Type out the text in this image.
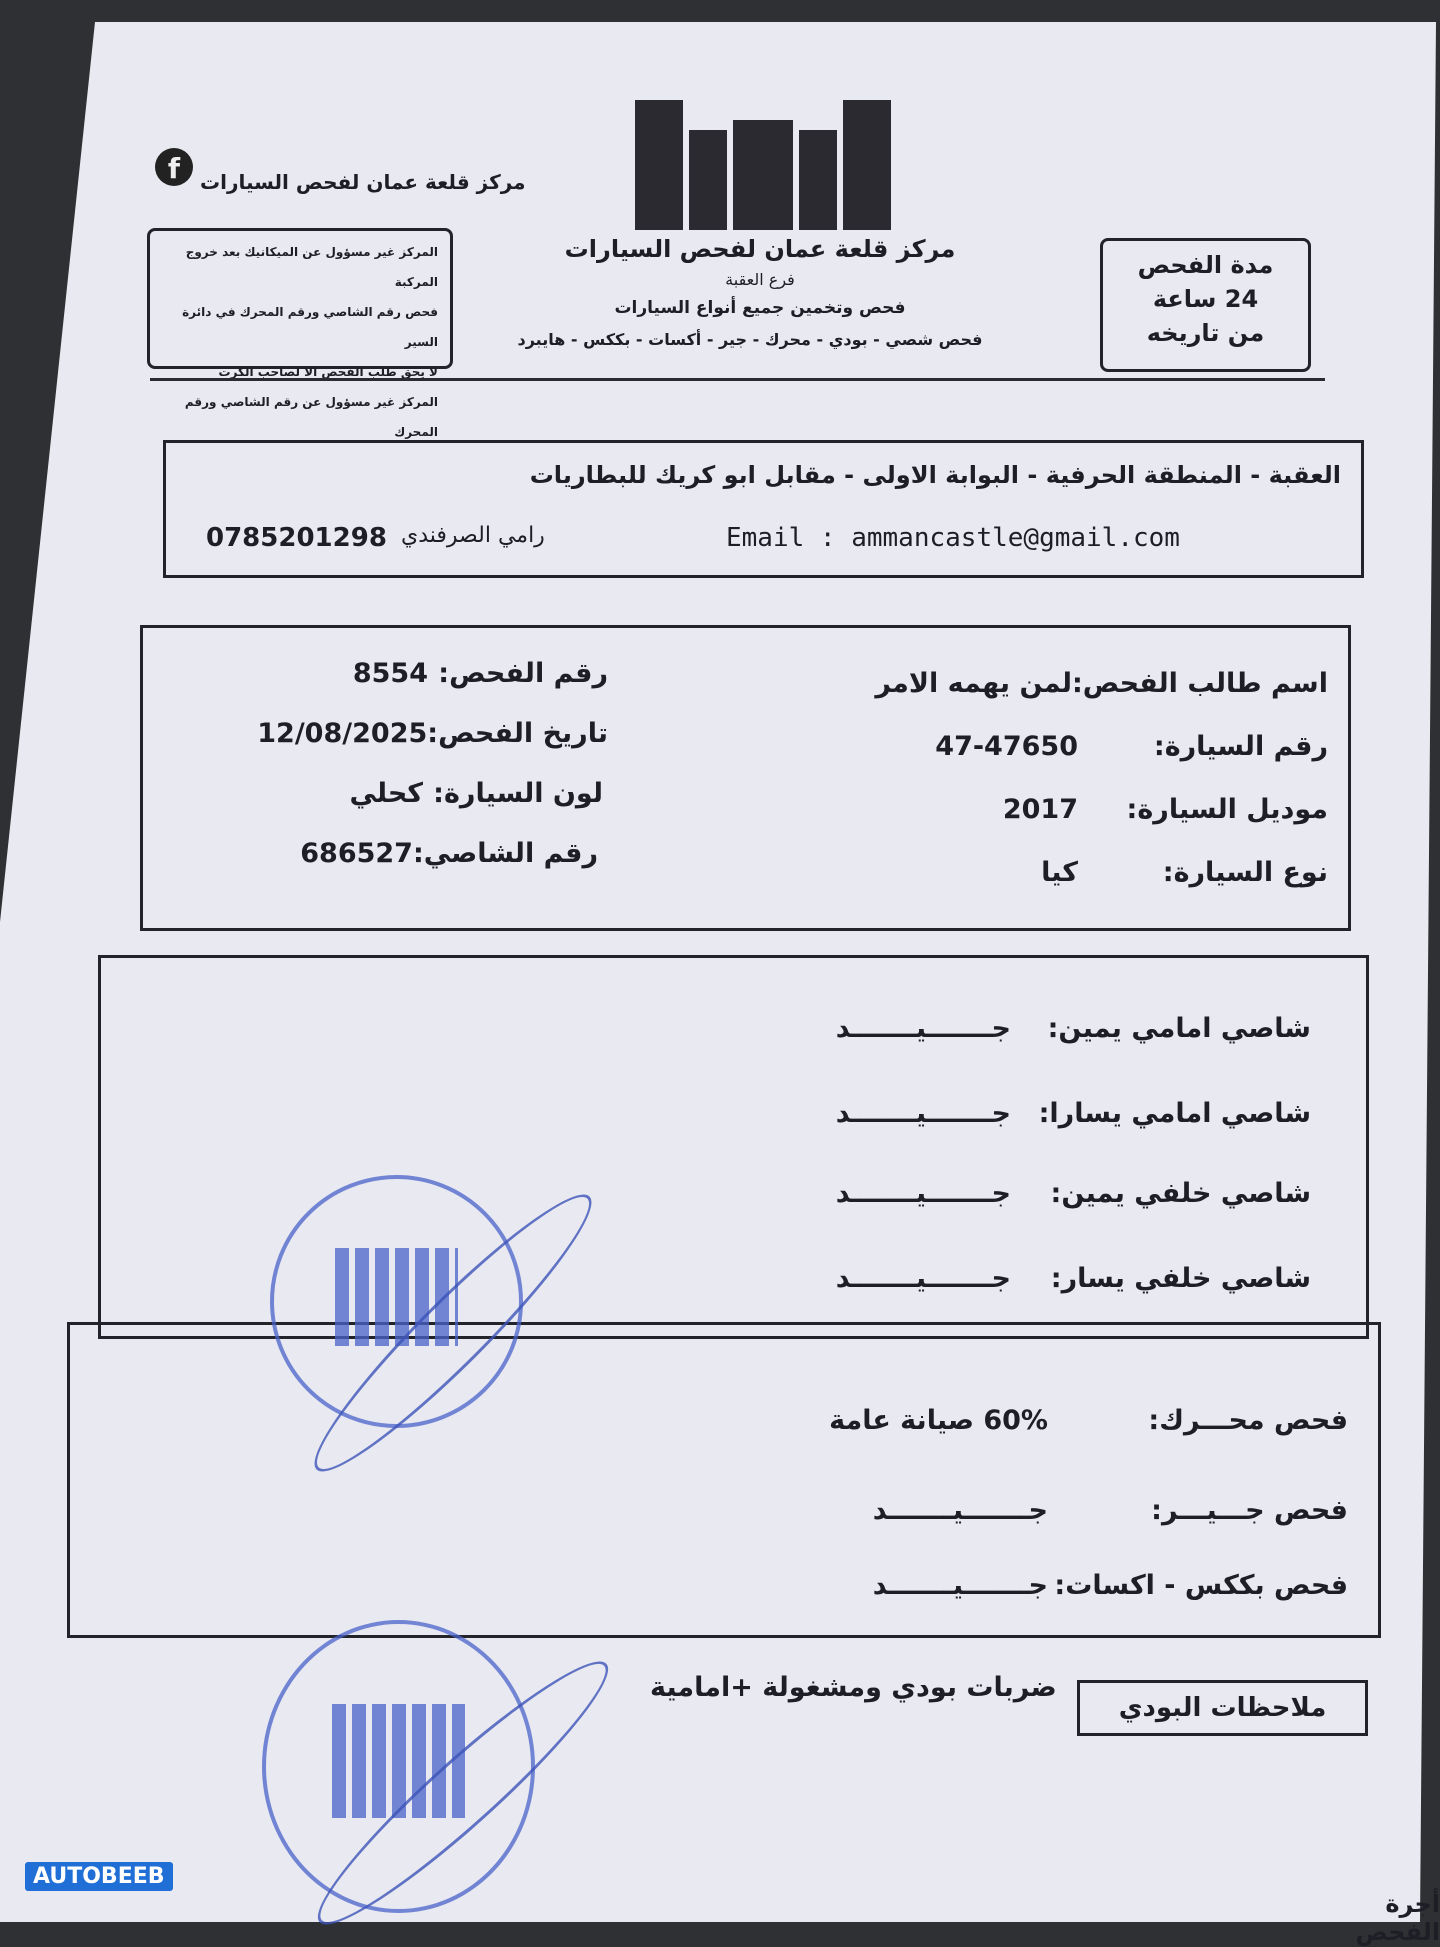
f مركز قلعة عمان لفحص السيارات
مركز قلعة عمان لفحص السيارات
فرع العقبة
فحص وتخمين جميع أنواع السيارات
فحص شصي - بودي - محرك - جير - أكسات - بككس - هايبرد
المركز غير مسؤول عن الميكانيك بعد خروج المركبة
فحص رقم الشاصي ورقم المحرك في دائرة السير
لا يحق طلب الفحص الا لصاحب الكرت
المركز غير مسؤول عن رقم الشاصي ورقم المحرك
مدة الفحص
24 ساعة
من تاريخه
العقبة - المنطقة الحرفية - البوابة الاولى - مقابل ابو كريك للبطاريات
Email : ammancastle@gmail.com
رامي الصرفندي
0785201298
اسم طالب الفحص:
لمن يهمه الامر
رقم السيارة:
47-47650
موديل السيارة:
2017
نوع السيارة:
كيا
رقم الفحص:
8554
تاريخ الفحص:
12/08/2025
لون السيارة:
كحلي
رقم الشاصي:
686527
شاصي امامي يمين:
جـــــــيـــــــد
شاصي امامي يسارا:
جـــــــيـــــــد
شاصي خلفي يمين:
جـــــــيـــــــد
شاصي خلفي يسار:
جـــــــيـــــــد
فحص محـــرك:
60% صيانة عامة
فحص جـــيـــر:
جـــــــيـــــــد
فحص بككس - اكسات:
جـــــــيـــــــد
ملاحظات البودي
ضربات بودي ومشغولة +امامية
أجرة الفحص
AUTOBEEB
